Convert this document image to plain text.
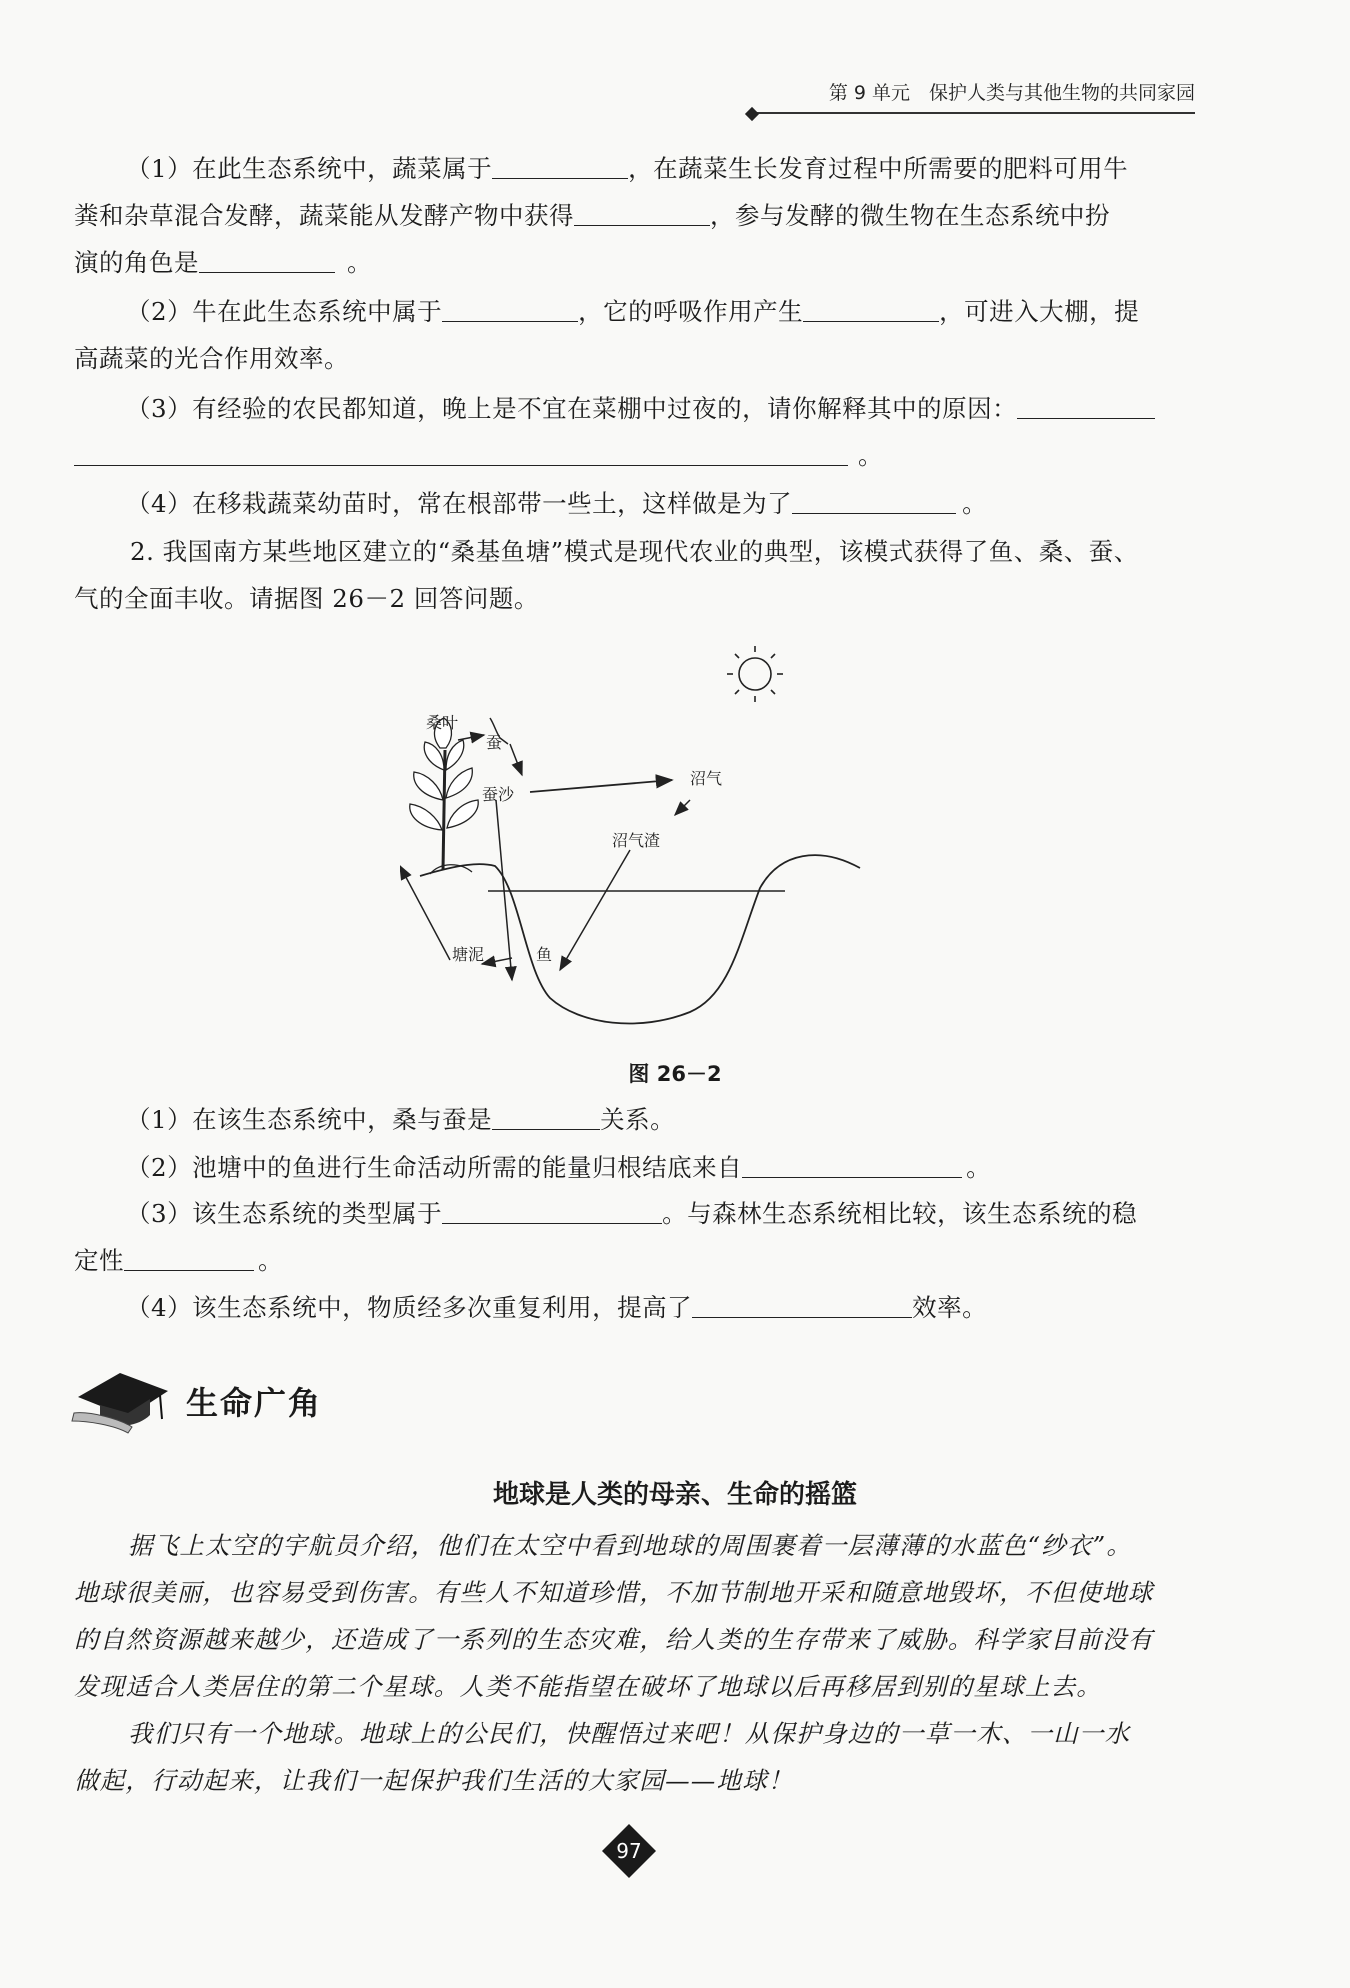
第 9 单元　保护人类与其他生物的共同家园
（1）在此生态系统中，蔬菜属于	，在蔬菜生长发育过程中所需要的肥料可用牛
粪和杂草混合发酵，蔬菜能从发酵产物中获得	，参与发酵的微生物在生态系统中扮
演的角色是	。
（2）牛在此生态系统中属于	，它的呼吸作用产生	，可进入大棚，提
高蔬菜的光合作用效率。
（3）有经验的农民都知道，晚上是不宜在菜棚中过夜的，请你解释其中的原因：
。
（4）在移栽蔬菜幼苗时，常在根部带一些土，这样做是为了	。
2. 我国南方某些地区建立的“桑基鱼塘”模式是现代农业的典型，该模式获得了鱼、桑、蚕、
气的全面丰收。请据图 26－2 回答问题。
桑叶
蚕
蚕沙
沼气
沼气渣
塘泥	鱼
图 26－2
（1）在该生态系统中，桑与蚕是	关系。
（2）池塘中的鱼进行生命活动所需的能量归根结底来自	。
（3）该生态系统的类型属于	。与森林生态系统相比较，该生态系统的稳
定性	。
（4）该生态系统中，物质经多次重复利用，提高了	效率。
生命广角
地球是人类的母亲、生命的摇篮
据飞上太空的宇航员介绍，他们在太空中看到地球的周围裹着一层薄薄的水蓝色“纱衣”。
地球很美丽，也容易受到伤害。有些人不知道珍惜，不加节制地开采和随意地毁坏，不但使地球
的自然资源越来越少，还造成了一系列的生态灾难，给人类的生存带来了威胁。科学家目前没有
发现适合人类居住的第二个星球。人类不能指望在破坏了地球以后再移居到别的星球上去。
我们只有一个地球。地球上的公民们，快醒悟过来吧！从保护身边的一草一木、一山一水
做起，行动起来，让我们一起保护我们生活的大家园——地球！
97
